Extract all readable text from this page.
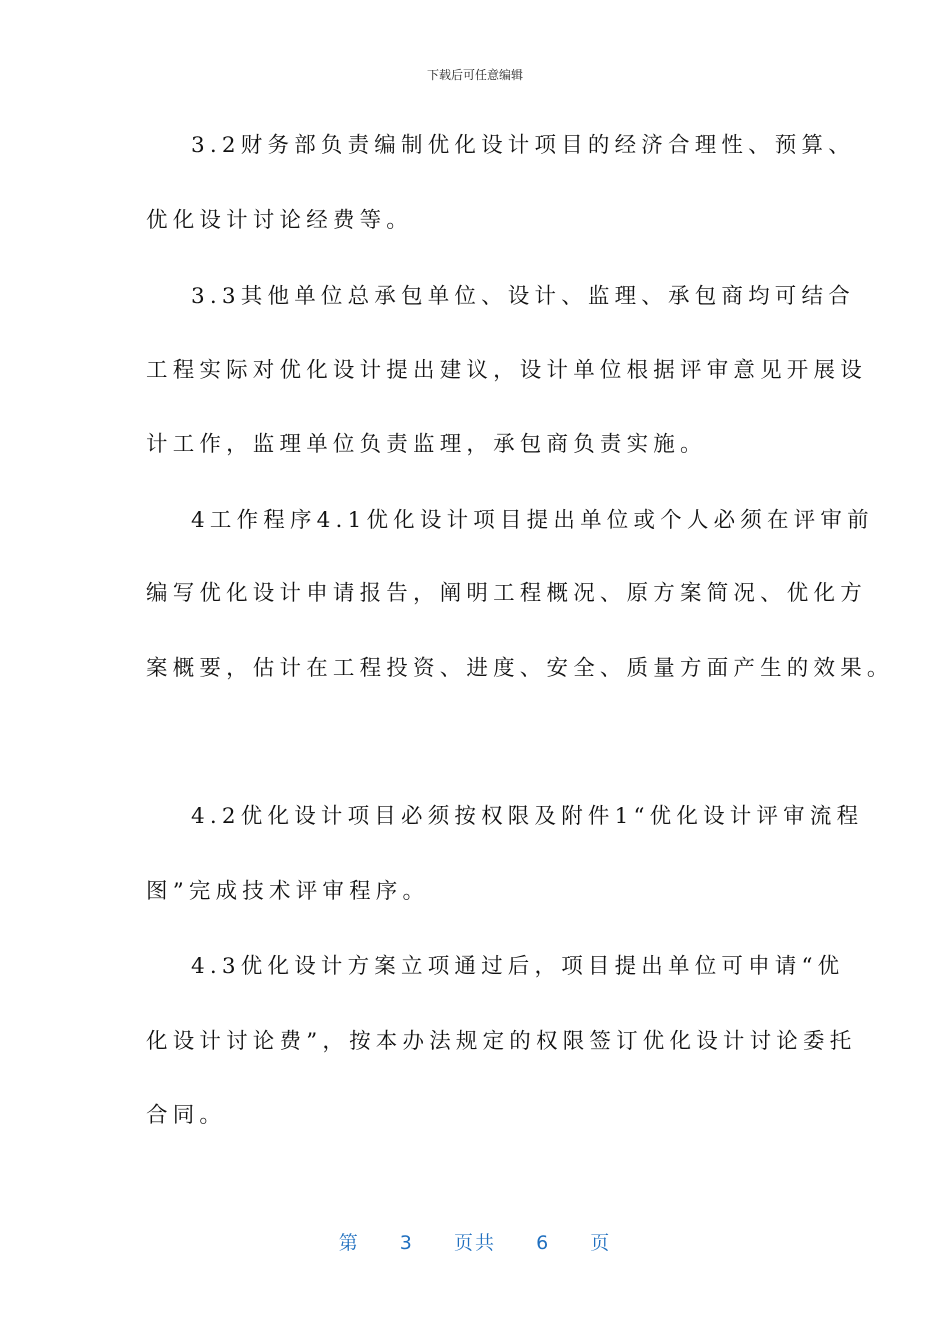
下载后可任意编辑
3.2财务部负责编制优化设计项目的经济合理性、预算、
优化设计讨论经费等。
3.3其他单位总承包单位、设计、监理、承包商均可结合
工程实际对优化设计提出建议，设计单位根据评审意见开展设
计工作，监理单位负责监理，承包商负责实施。
4工作程序4.1优化设计项目提出单位或个人必须在评审前
编写优化设计申请报告，阐明工程概况、原方案简况、优化方
案概要，估计在工程投资、进度、安全、质量方面产生的效果。
4.2优化设计项目必须按权限及附件1“优化设计评审流程
图”完成技术评审程序。
4.3优化设计方案立项通过后，项目提出单位可申请“优
化设计讨论费”，按本办法规定的权限签订优化设计讨论委托
合同。
第 3 页共 6 页
